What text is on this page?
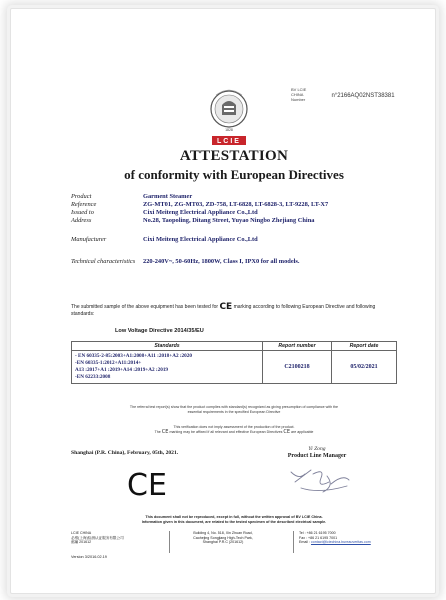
1828
LCIE
BV LCIE
CHINA
Number
n°2166AQ02NST38381
ATTESTATION
of conformity with European Directives
Product	Garment Steamer
Reference	ZG-MT01, ZG-MT03, ZD-758, LT-6828, LT-6828-3, LT-9228, LT-X7
Issued to	Cixi Meiteng Electrical Appliance Co.,Ltd
Address	No.28, Taopoling, Ditang Street, Yuyao Ningbo Zhejiang China
Manufacturer	Cixi Meiteng Electrical Appliance Co.,Ltd
Technical characteristics	220-240V~, 50-60Hz, 1800W, Class I, IPX0 for all models.
The submitted sample of the above equipment has been tested for CE marking according to following European Directive and following standards:
Low Voltage Directive 2014/35/EU
Standards	Report number	Report date

- EN 60335-2-85:2003+A1:2008+A11 :2018+A2 :2020
-EN 60335-1:2012+A11:2014+
A13 :2017+A1 :2019+A14 :2019+A2 :2019
-EN 62233:2008	C2100218	05/02/2021
The referral test report(s) show that the product complies with standard(s) recognized as giving presumption of compliance with the
essential requirements in the specified European Directive
This verification does not imply assessment of the production of the product.
The CE marking may be affixed if all relevant and effective European Directives CE are applicable
Shanghai (P.R. China), February, 05th, 2021.
Yi Zong
Product Line Manager
CE
This document shall not be reproduced, except in full, without the written approval of BV LCIE China.
Information given in this document, are related to the tested specimen of the described electrical sample.
LCIE CHINA
必维(上海)检测认证服务有限公司
邮編 201612
Building 4, No. 518, Xin Zhuan Road,
Caohejing Songjiang High-Tech Park,
Shanghai P.R.C (201612)
Tel : +86 21 6195 7000
Fax : +86 21 6195 7001
Email : contact@lciechina.bureauveritas.com
Version 3/2016.02.19
